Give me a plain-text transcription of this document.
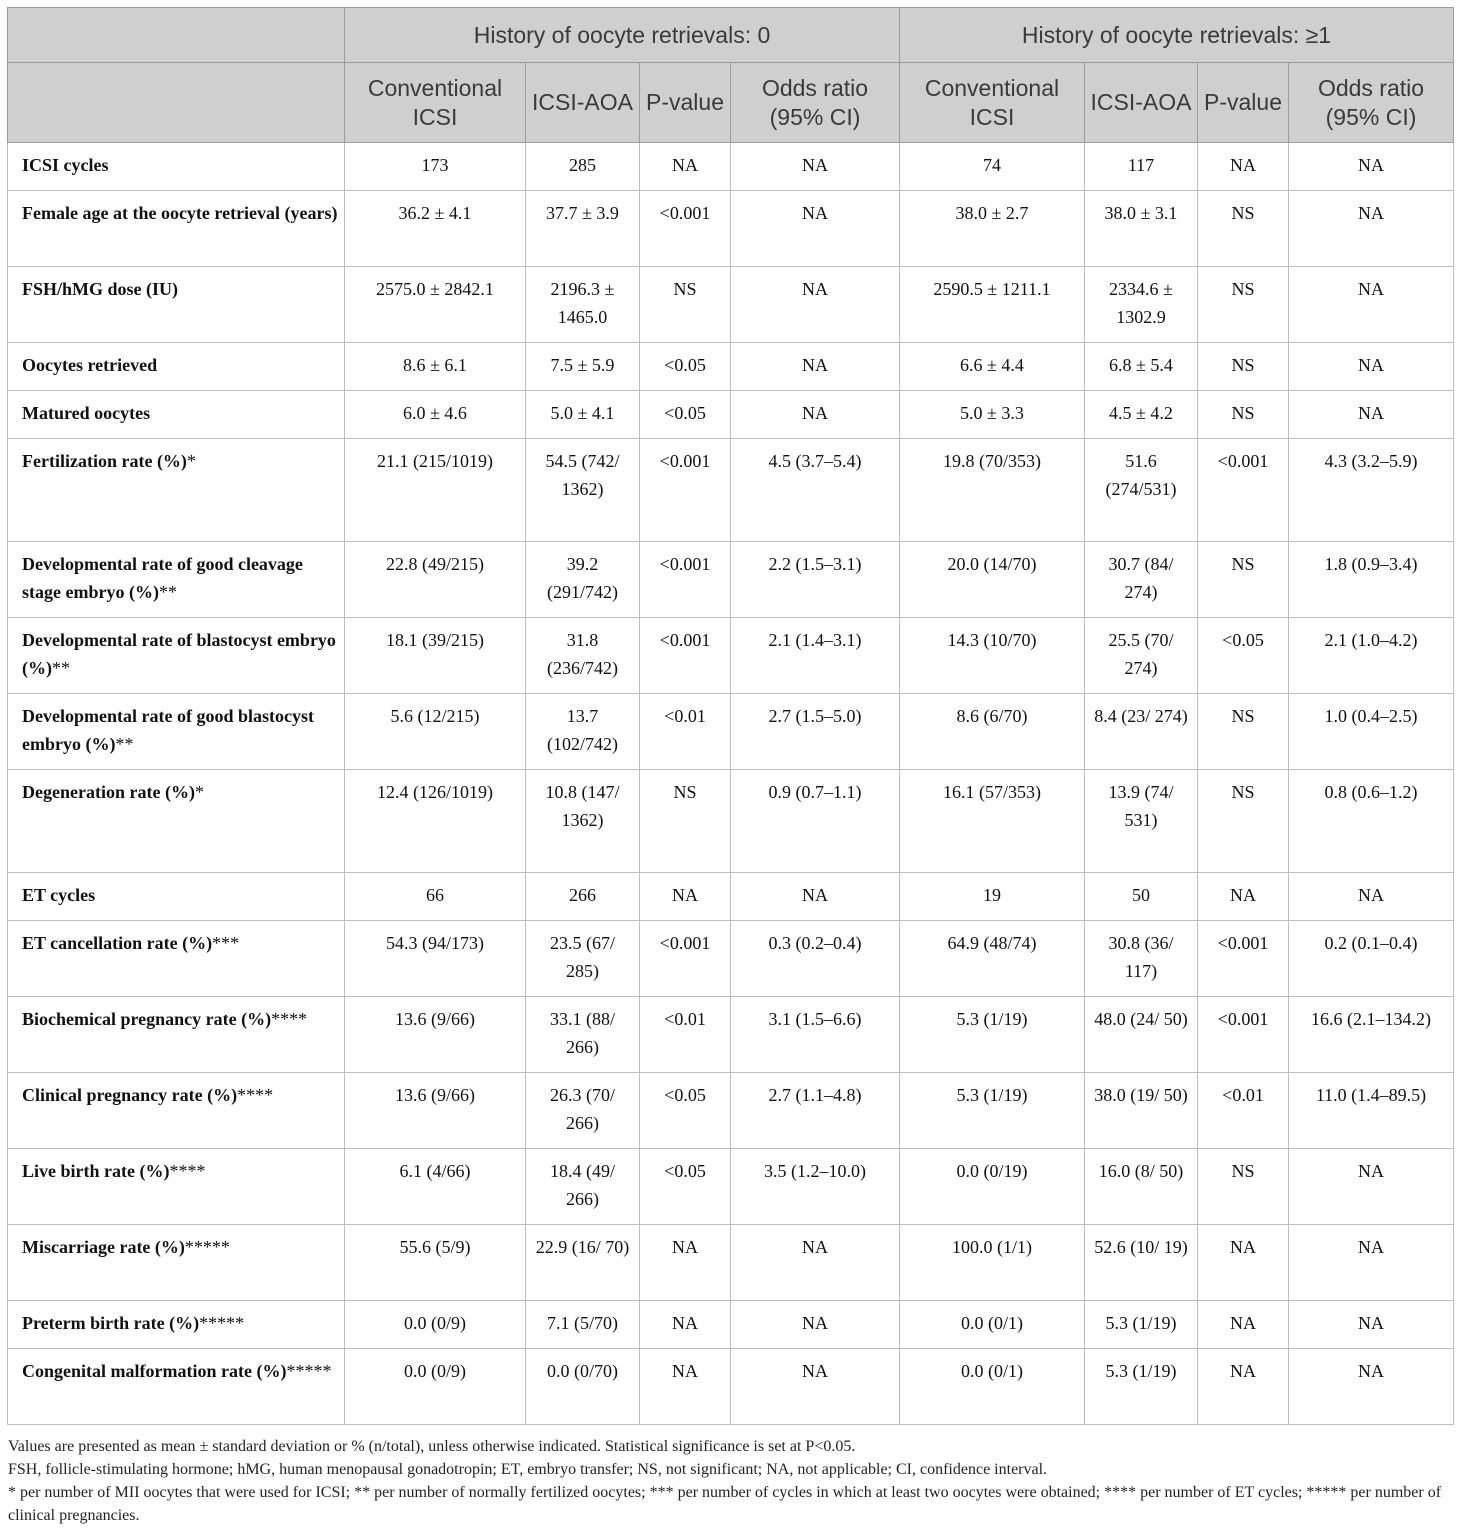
	History of oocyte retrievals: 0				History of oocyte retrievals: ≥1			
	Conventional ICSI	ICSI-AOA	P-value	Odds ratio (95% CI)	Conventional ICSI	ICSI-AOA	P-value	Odds ratio (95% CI)
ICSI cycles	173	285	NA	NA	74	117	NA	NA
Female age at the oocyte retrieval (years)	36.2 ± 4.1	37.7 ± 3.9	<0.001	NA	38.0 ± 2.7	38.0 ± 3.1	NS	NA
FSH/hMG dose (IU)	2575.0 ± 2842.1	2196.3 ± 1465.0	NS	NA	2590.5 ± 1211.1	2334.6 ± 1302.9	NS	NA
Oocytes retrieved	8.6 ± 6.1	7.5 ± 5.9	<0.05	NA	6.6 ± 4.4	6.8 ± 5.4	NS	NA
Matured oocytes	6.0 ± 4.6	5.0 ± 4.1	<0.05	NA	5.0 ± 3.3	4.5 ± 4.2	NS	NA
Fertilization rate (%)*	21.1 (215/1019)	54.5 (742/ 1362)	<0.001	4.5 (3.7–5.4)	19.8 (70/353)	51.6 (274/531)	<0.001	4.3 (3.2–5.9)
Developmental rate of good cleavage stage embryo (%)**	22.8 (49/215)	39.2 (291/742)	<0.001	2.2 (1.5–3.1)	20.0 (14/70)	30.7 (84/ 274)	NS	1.8 (0.9–3.4)
Developmental rate of blastocyst embryo (%)**	18.1 (39/215)	31.8 (236/742)	<0.001	2.1 (1.4–3.1)	14.3 (10/70)	25.5 (70/ 274)	<0.05	2.1 (1.0–4.2)
Developmental rate of good blastocyst embryo (%)**	5.6 (12/215)	13.7 (102/742)	<0.01	2.7 (1.5–5.0)	8.6 (6/70)	8.4 (23/ 274)	NS	1.0 (0.4–2.5)
Degeneration rate (%)*	12.4 (126/1019)	10.8 (147/ 1362)	NS	0.9 (0.7–1.1)	16.1 (57/353)	13.9 (74/ 531)	NS	0.8 (0.6–1.2)
ET cycles	66	266	NA	NA	19	50	NA	NA
ET cancellation rate (%)***	54.3 (94/173)	23.5 (67/ 285)	<0.001	0.3 (0.2–0.4)	64.9 (48/74)	30.8 (36/ 117)	<0.001	0.2 (0.1–0.4)
Biochemical pregnancy rate (%)****	13.6 (9/66)	33.1 (88/ 266)	<0.01	3.1 (1.5–6.6)	5.3 (1/19)	48.0 (24/ 50)	<0.001	16.6 (2.1–134.2)
Clinical pregnancy rate (%)****	13.6 (9/66)	26.3 (70/ 266)	<0.05	2.7 (1.1–4.8)	5.3 (1/19)	38.0 (19/ 50)	<0.01	11.0 (1.4–89.5)
Live birth rate (%)****	6.1 (4/66)	18.4 (49/ 266)	<0.05	3.5 (1.2–10.0)	0.0 (0/19)	16.0 (8/ 50)	NS	NA
Miscarriage rate (%)*****	55.6 (5/9)	22.9 (16/ 70)	NA	NA	100.0 (1/1)	52.6 (10/ 19)	NA	NA
Preterm birth rate (%)*****	0.0 (0/9)	7.1 (5/70)	NA	NA	0.0 (0/1)	5.3 (1/19)	NA	NA
Congenital malformation rate (%)*****	0.0 (0/9)	0.0 (0/70)	NA	NA	0.0 (0/1)	5.3 (1/19)	NA	NA

Values are presented as mean ± standard deviation or % (n/total), unless otherwise indicated. Statistical significance is set at P<0.05.

FSH, follicle-stimulating hormone; hMG, human menopausal gonadotropin; ET, embryo transfer; NS, not significant; NA, not applicable; CI, confidence interval.

* per number of MII oocytes that were used for ICSI; ** per number of normally fertilized oocytes; *** per number of cycles in which at least two oocytes were obtained; **** per number of ET cycles; ***** per number of clinical pregnancies.
